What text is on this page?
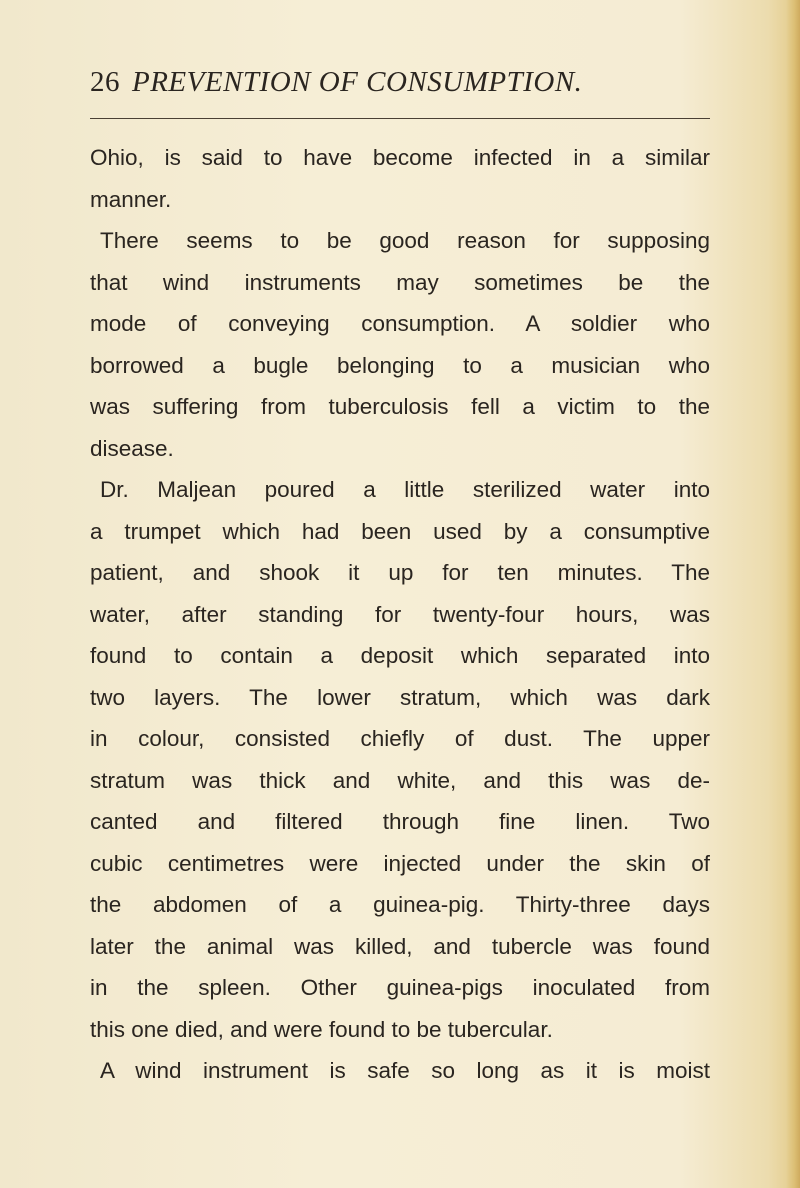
26 PREVENTION OF CONSUMPTION.
Ohio, is said to have become infected in a similar
manner.
There seems to be good reason for supposing
that wind instruments may sometimes be the
mode of conveying consumption. A soldier who
borrowed a bugle belonging to a musician who
was suffering from tuberculosis fell a victim to the
disease.
Dr. Maljean poured a little sterilized water into
a trumpet which had been used by a consumptive
patient, and shook it up for ten minutes. The
water, after standing for twenty-four hours, was
found to contain a deposit which separated into
two layers. The lower stratum, which was dark
in colour, consisted chiefly of dust. The upper
stratum was thick and white, and this was de-
canted and filtered through fine linen. Two
cubic centimetres were injected under the skin of
the abdomen of a guinea-pig. Thirty-three days
later the animal was killed, and tubercle was found
in the spleen. Other guinea-pigs inoculated from
this one died, and were found to be tubercular.
A wind instrument is safe so long as it is moist
